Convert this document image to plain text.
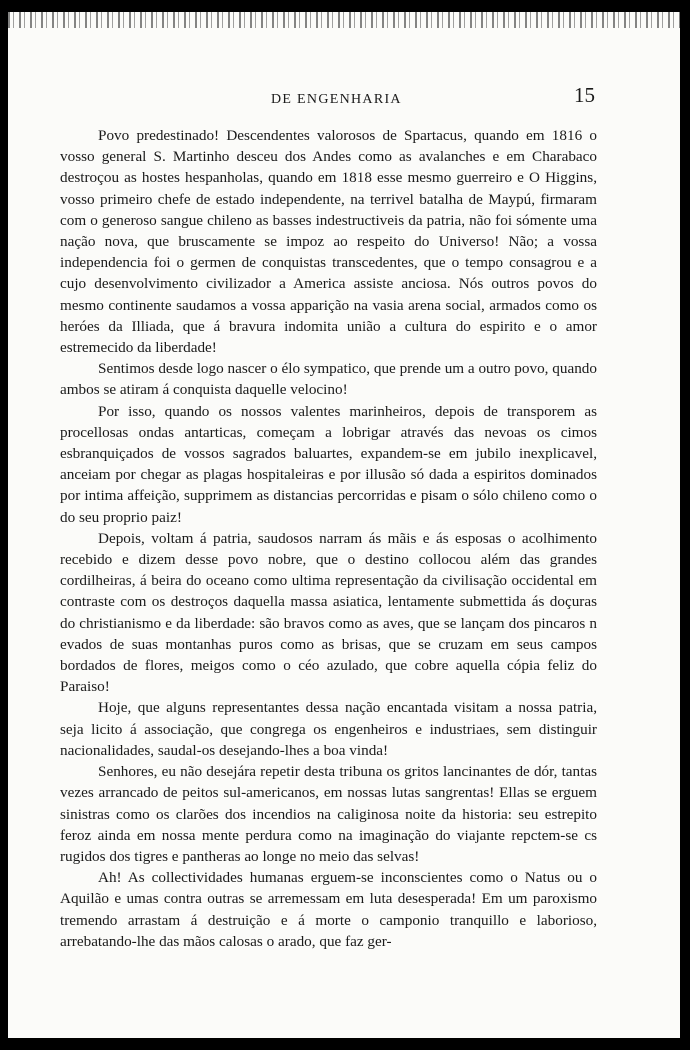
DE ENGENHARIA	15

Povo predestinado! Descendentes valorosos de Spartacus, quando em 1816 o vosso general S. Martinho desceu dos Andes como as avalanches e em Charabaco destroçou as hostes hespanholas, quando em 1818 esse mesmo guerreiro e O Higgins, vosso primeiro chefe de estado independente, na terrivel batalha de Maypú, firmaram com o generoso sangue chileno as basses indestructiveis da patria, não foi sómente uma nação nova, que bruscamente se impoz ao respeito do Universo! Não; a vossa independencia foi o germen de conquistas transcedentes, que o tempo consagrou e a cujo desenvolvimento civilizador a America assiste anciosa. Nós outros povos do mesmo continente saudamos a vossa apparição na vasia arena social, armados como os heróes da Illiada, que á bravura indomita união a cultura do espirito e o amor estremecido da liberdade!

Sentimos desde logo nascer o élo sympatico, que prende um a outro povo, quando ambos se atiram á conquista daquelle velocino!

Por isso, quando os nossos valentes marinheiros, depois de transporem as procellosas ondas antarticas, começam a lobrigar através das nevoas os cimos esbranquiçados de vossos sagrados baluartes, expandem-se em jubilo inexplicavel, anceiam por chegar as plagas hospitaleiras e por illusão só dada a espiritos dominados por intima affeição, supprimem as distancias percorridas e pisam o sólo chileno como o do seu proprio paiz!

Depois, voltam á patria, saudosos narram ás mãis e ás esposas o acolhimento recebido e dizem desse povo nobre, que o destino collocou além das grandes cordilheiras, á beira do oceano como ultima representação da civilisação occidental em contraste com os destroços daquella massa asiatica, lentamente submettida ás doçuras do christianismo e da liberdade: são bravos como as aves, que se lançam dos pincaros n evados de suas montanhas puros como as brisas, que se cruzam em seus campos bordados de flores, meigos como o céo azulado, que cobre aquella cópia feliz do Paraiso!

Hoje, que alguns representantes dessa nação encantada visitam a nossa patria, seja licito á associação, que congrega os engenheiros e industriaes, sem distinguir nacionalidades, saudal-os desejando-lhes a boa vinda!

Senhores, eu não desejára repetir desta tribuna os gritos lancinantes de dór, tantas vezes arrancado de peitos sul-americanos, em nossas lutas sangrentas! Ellas se erguem sinistras como os clarões dos incendios na caliginosa noite da historia: seu estrepito feroz ainda em nossa mente perdura como na imaginação do viajante repctem-se cs rugidos dos tigres e pantheras ao longe no meio das selvas!

Ah! As collectividades humanas erguem-se inconscientes como o Natus ou o Aquilão e umas contra outras se arremessam em luta desesperada! Em um paroxismo tremendo arrastam á destruição e á morte o camponio tranquillo e laborioso, arrebatando-lhe das mãos calosas o arado, que faz ger-
